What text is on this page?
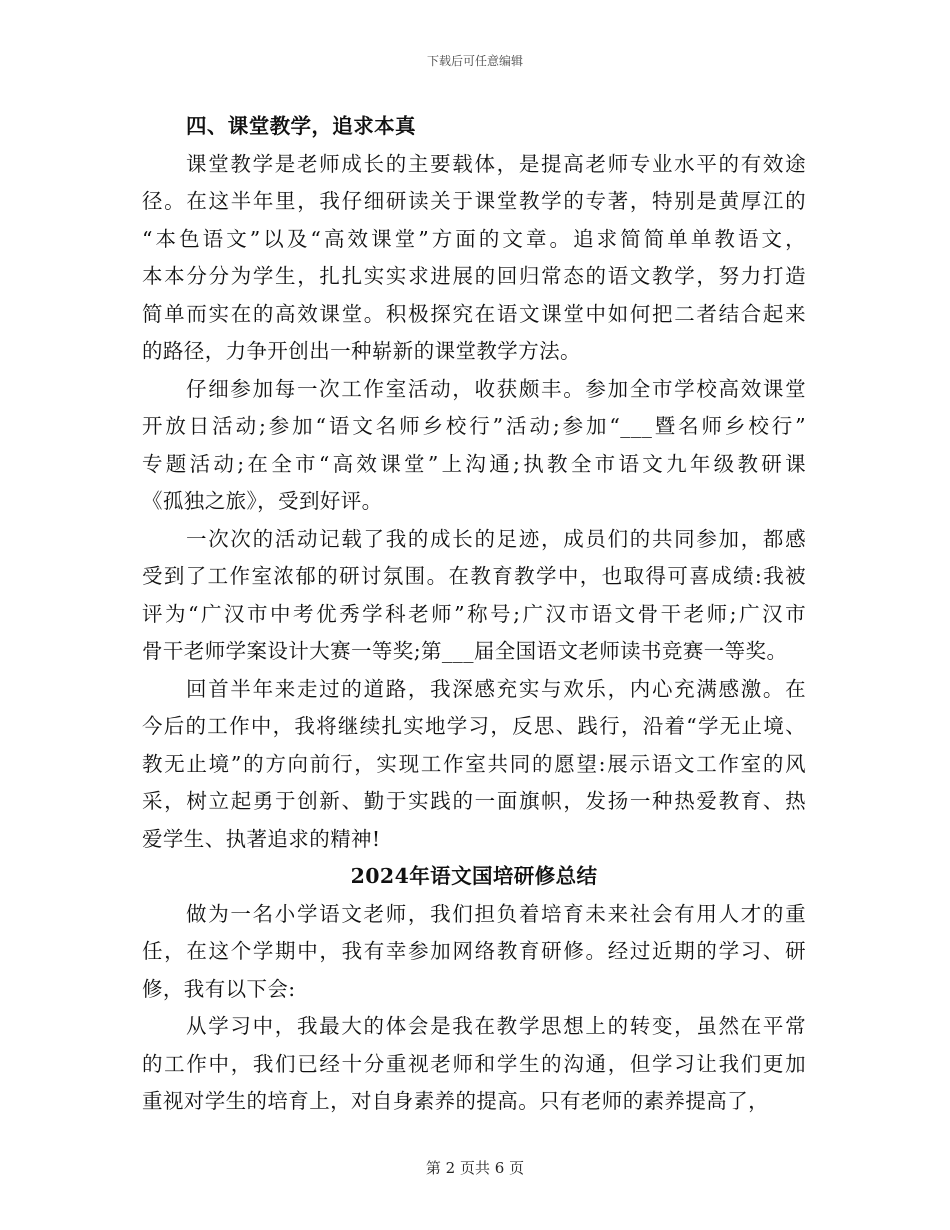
下载后可任意编辑
四、课堂教学，追求本真
课堂教学是老师成长的主要载体，是提高老师专业水平的有效途
径。在这半年里，我仔细研读关于课堂教学的专著，特别是黄厚江的
“本色语文”以及“高效课堂”方面的文章。追求简简单单教语文，
本本分分为学生，扎扎实实求进展的回归常态的语文教学，努力打造
简单而实在的高效课堂。积极探究在语文课堂中如何把二者结合起来
的路径，力争开创出一种崭新的课堂教学方法。
仔细参加每一次工作室活动，收获颇丰。参加全市学校高效课堂
开放日活动;参加“语文名师乡校行”活动;参加“___暨名师乡校行”
专题活动;在全市“高效课堂”上沟通;执教全市语文九年级教研课
《孤独之旅》，受到好评。
一次次的活动记载了我的成长的足迹，成员们的共同参加，都感
受到了工作室浓郁的研讨氛围。在教育教学中，也取得可喜成绩:我被
评为“广汉市中考优秀学科老师”称号;广汉市语文骨干老师;广汉市
骨干老师学案设计大赛一等奖;第___届全国语文老师读书竞赛一等奖。
回首半年来走过的道路，我深感充实与欢乐，内心充满感激。在
今后的工作中，我将继续扎实地学习，反思、践行，沿着“学无止境、
教无止境”的方向前行，实现工作室共同的愿望:展示语文工作室的风
采，树立起勇于创新、勤于实践的一面旗帜，发扬一种热爱教育、热
爱学生、执著追求的精神!
2024年语文国培研修总结
做为一名小学语文老师，我们担负着培育未来社会有用人才的重
任，在这个学期中，我有幸参加网络教育研修。经过近期的学习、研
修，我有以下会:
从学习中，我最大的体会是我在教学思想上的转变，虽然在平常
的工作中，我们已经十分重视老师和学生的沟通，但学习让我们更加
重视对学生的培育上，对自身素养的提高。只有老师的素养提高了，
第 2 页共 6 页
